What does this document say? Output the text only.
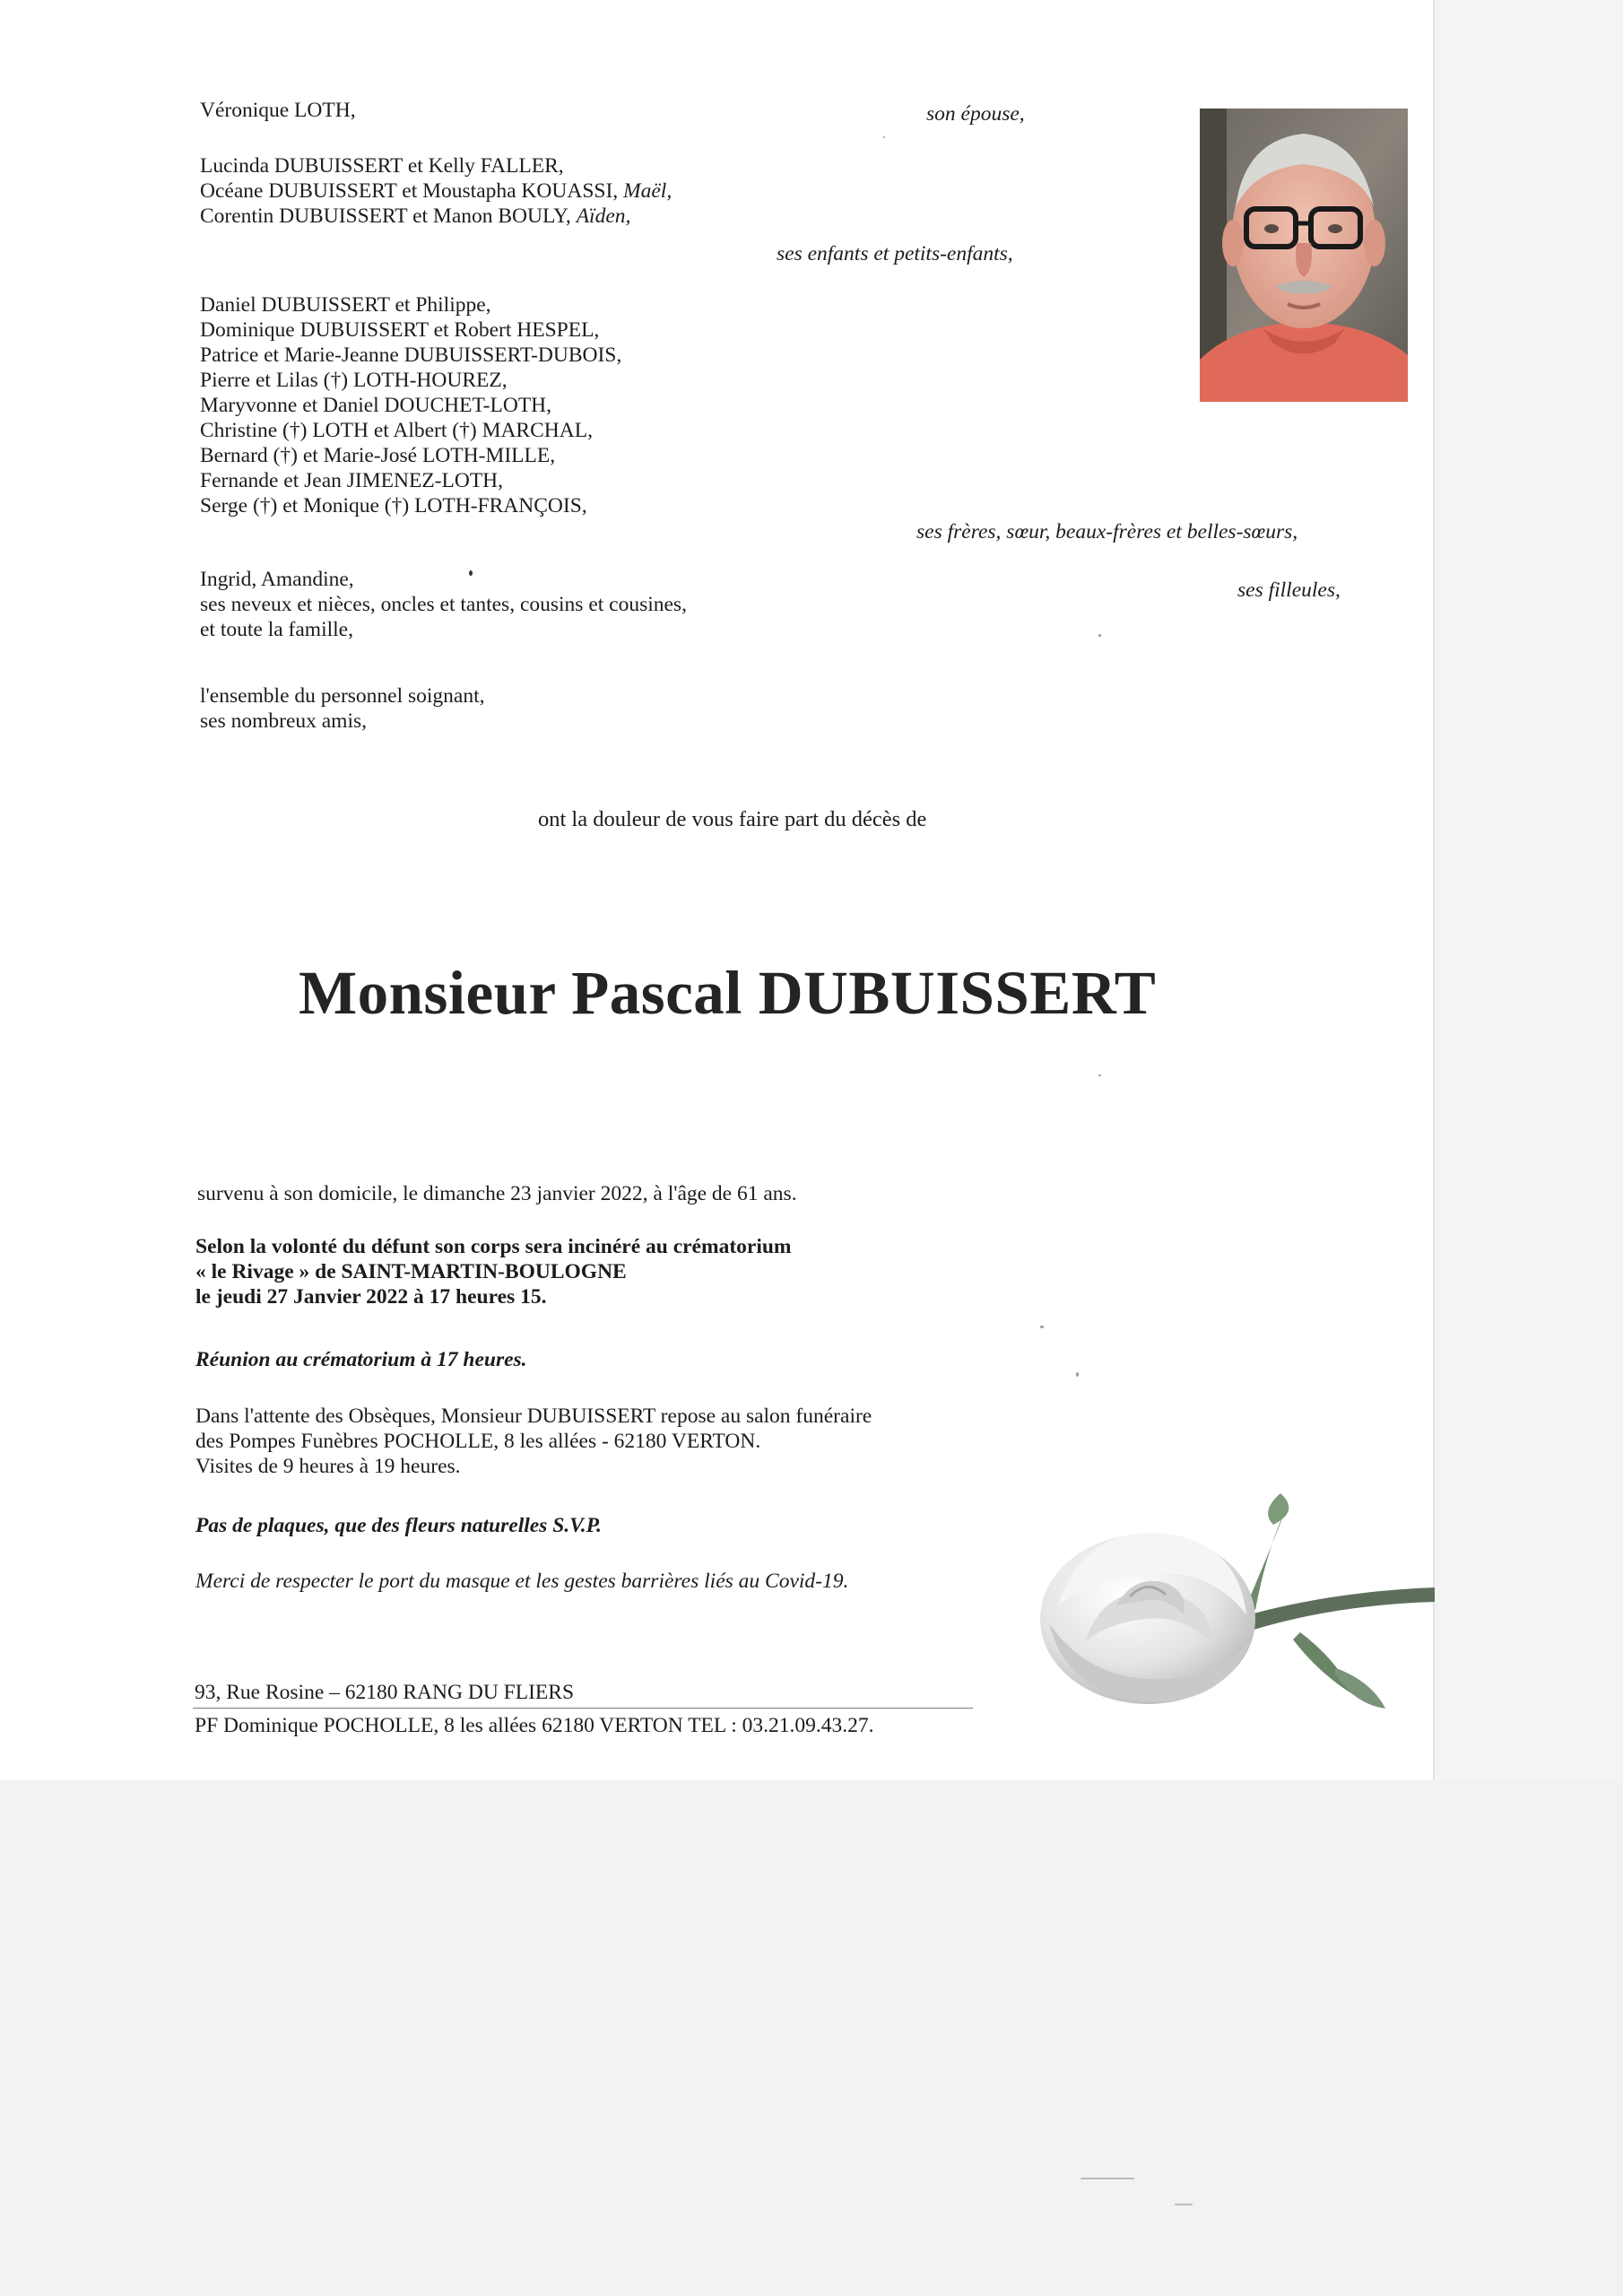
Véronique LOTH,	son épouse,
Lucinda DUBUISSERT et Kelly FALLER,
Océane DUBUISSERT et Moustapha KOUASSI, Maël,
Corentin DUBUISSERT et Manon BOULY, Aïden,
ses enfants et petits-enfants,
Daniel DUBUISSERT et Philippe,
Dominique DUBUISSERT et Robert HESPEL,
Patrice et Marie-Jeanne DUBUISSERT-DUBOIS,
Pierre et Lilas (†) LOTH-HOUREZ,
Maryvonne et Daniel DOUCHET-LOTH,
Christine (†) LOTH et Albert (†) MARCHAL,
Bernard (†) et Marie-José LOTH-MILLE,
Fernande et Jean JIMENEZ-LOTH,
Serge (†) et Monique (†) LOTH-FRANÇOIS,
ses frères, sœur, beaux-frères et belles-sœurs,
Ingrid, Amandine,
ses neveux et nièces, oncles et tantes, cousins et cousines,
et toute la famille,
ses filleules,
l'ensemble du personnel soignant,
ses nombreux amis,
ont la douleur de vous faire part du décès de
Monsieur Pascal DUBUISSERT
survenu à son domicile, le dimanche 23 janvier 2022, à l'âge de 61 ans.
Selon la volonté du défunt son corps sera incinéré au crématorium
« le Rivage » de SAINT-MARTIN-BOULOGNE
le jeudi 27 Janvier 2022 à 17 heures 15.
Réunion au crématorium à 17 heures.
Dans l'attente des Obsèques, Monsieur DUBUISSERT repose au salon funéraire
des Pompes Funèbres POCHOLLE, 8 les allées - 62180 VERTON.
Visites de 9 heures à 19 heures.
Pas de plaques, que des fleurs naturelles S.V.P.
Merci de respecter le port du masque et les gestes barrières liés au Covid-19.
93, Rue Rosine – 62180 RANG DU FLIERS
PF Dominique POCHOLLE, 8 les allées 62180 VERTON TEL : 03.21.09.43.27.
